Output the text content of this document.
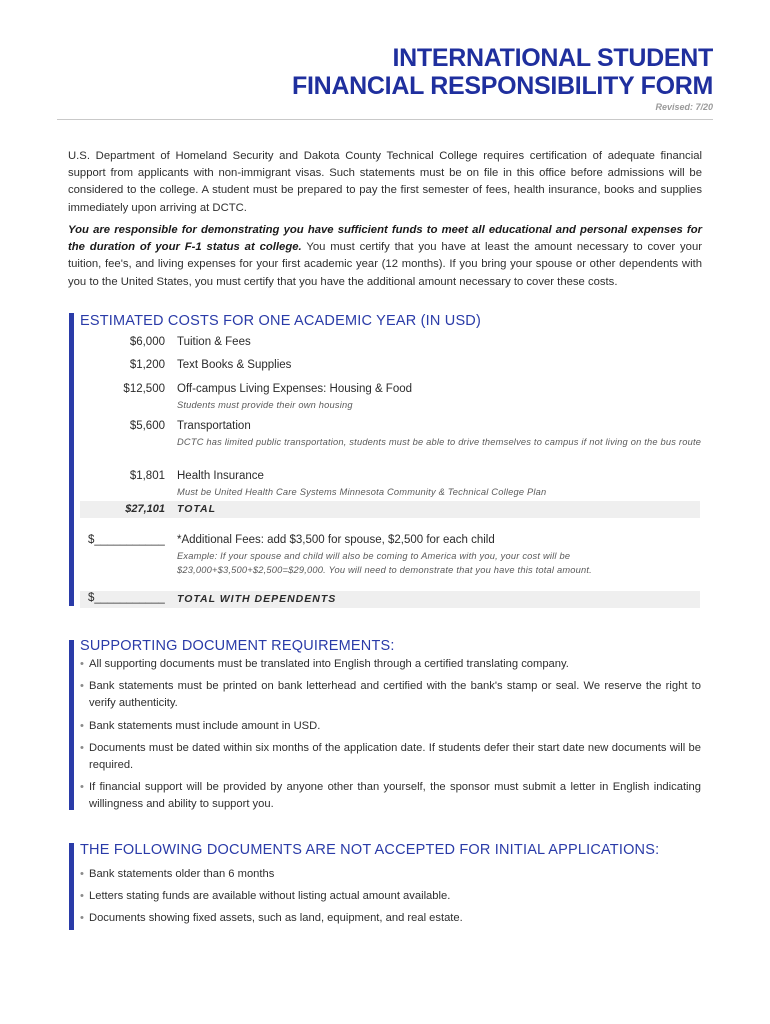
INTERNATIONAL STUDENT
FINANCIAL RESPONSIBILITY FORM
Revised: 7/20
U.S. Department of Homeland Security and Dakota County Technical College requires certification of adequate financial support from applicants with non-immigrant visas. Such statements must be on file in this office before admissions will be considered to the college. A student must be prepared to pay the first semester of fees, health insurance, books and supplies immediately upon arriving at DCTC.
You are responsible for demonstrating you have sufficient funds to meet all educational and personal expenses for the duration of your F-1 status at college. You must certify that you have at least the amount necessary to cover your tuition, fee's, and living expenses for your first academic year (12 months). If you bring your spouse or other dependents with you to the United States, you must certify that you have the additional amount necessary to cover these costs.
ESTIMATED COSTS FOR ONE ACADEMIC YEAR (IN USD)
$6,000 Tuition & Fees
$1,200 Text Books & Supplies
$12,500 Off-campus Living Expenses: Housing & Food
Students must provide their own housing
$5,600 Transportation
DCTC has limited public transportation, students must be able to drive themselves to campus if not living on the bus route
$1,801 Health Insurance
Must be United Health Care Systems Minnesota Community & Technical College Plan
$27,101 TOTAL
$___________ *Additional Fees: add $3,500 for spouse, $2,500 for each child
Example: If your spouse and child will also be coming to America with you, your cost will be $23,000+$3,500+$2,500=$29,000. You will need to demonstrate that you have this total amount.
$___________ TOTAL WITH DEPENDENTS
SUPPORTING DOCUMENT REQUIREMENTS:
• All supporting documents must be translated into English through a certified translating company.
• Bank statements must be printed on bank letterhead and certified with the bank's stamp or seal. We reserve the right to verify authenticity.
• Bank statements must include amount in USD.
• Documents must be dated within six months of the application date. If students defer their start date new documents will be required.
• If financial support will be provided by anyone other than yourself, the sponsor must submit a letter in English indicating willingness and ability to support you.
THE FOLLOWING DOCUMENTS ARE NOT ACCEPTED FOR INITIAL APPLICATIONS:
• Bank statements older than 6 months
• Letters stating funds are available without listing actual amount available.
• Documents showing fixed assets, such as land, equipment, and real estate.
